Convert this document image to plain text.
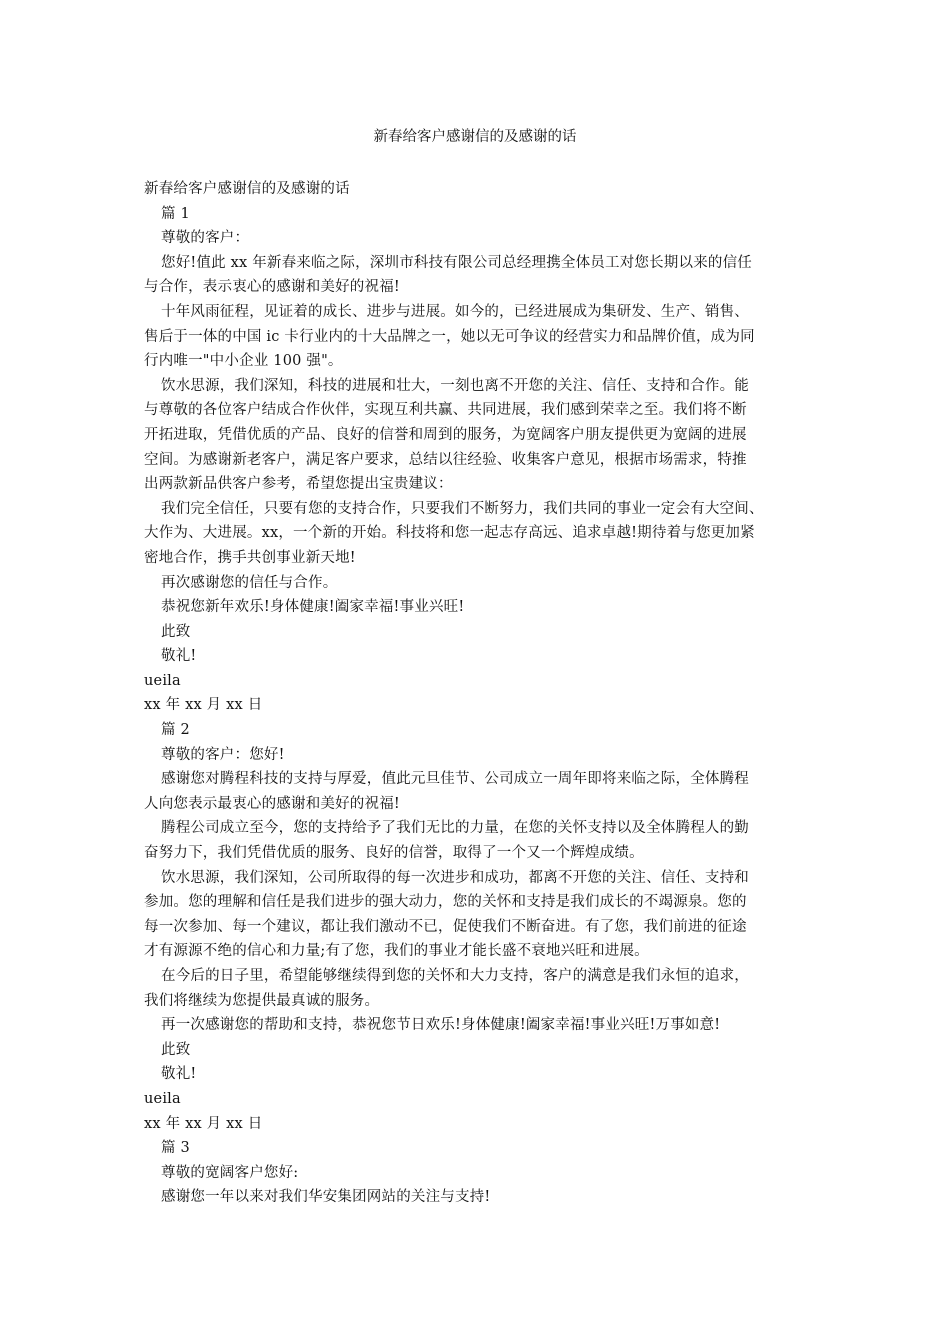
新春给客户感谢信的及感谢的话
新春给客户感谢信的及感谢的话
篇 1
尊敬的客户：
您好!值此 xx 年新春来临之际，深圳市科技有限公司总经理携全体员工对您长期以来的信任
与合作，表示衷心的感谢和美好的祝福!
十年风雨征程，见证着的成长、进步与进展。如今的，已经进展成为集研发、生产、销售、
售后于一体的中国 ic 卡行业内的十大品牌之一，她以无可争议的经营实力和品牌价值，成为同
行内唯一"中小企业 100 强"。
饮水思源，我们深知，科技的进展和壮大，一刻也离不开您的关注、信任、支持和合作。能
与尊敬的各位客户结成合作伙伴，实现互利共赢、共同进展，我们感到荣幸之至。我们将不断
开拓进取，凭借优质的产品、良好的信誉和周到的服务，为宽阔客户朋友提供更为宽阔的进展
空间。为感谢新老客户，满足客户要求，总结以往经验、收集客户意见，根据市场需求，特推
出两款新品供客户参考，希望您提出宝贵建议：
我们完全信任，只要有您的支持合作，只要我们不断努力，我们共同的事业一定会有大空间、
大作为、大进展。xx，一个新的开始。科技将和您一起志存高远、追求卓越!期待着与您更加紧
密地合作，携手共创事业新天地!
再次感谢您的信任与合作。
恭祝您新年欢乐!身体健康!阖家幸福!事业兴旺!
此致
敬礼!
ueila
xx 年 xx 月 xx 日
篇 2
尊敬的客户：您好!
感谢您对腾程科技的支持与厚爱，值此元旦佳节、公司成立一周年即将来临之际，全体腾程
人向您表示最衷心的感谢和美好的祝福!
腾程公司成立至今，您的支持给予了我们无比的力量，在您的关怀支持以及全体腾程人的勤
奋努力下，我们凭借优质的服务、良好的信誉，取得了一个又一个辉煌成绩。
饮水思源，我们深知，公司所取得的每一次进步和成功，都离不开您的关注、信任、支持和
参加。您的理解和信任是我们进步的强大动力，您的关怀和支持是我们成长的不竭源泉。您的
每一次参加、每一个建议，都让我们激动不已，促使我们不断奋进。有了您，我们前进的征途
才有源源不绝的信心和力量;有了您，我们的事业才能长盛不衰地兴旺和进展。
在今后的日子里，希望能够继续得到您的关怀和大力支持，客户的满意是我们永恒的追求，
我们将继续为您提供最真诚的服务。
再一次感谢您的帮助和支持，恭祝您节日欢乐!身体健康!阖家幸福!事业兴旺!万事如意!
此致
敬礼!
ueila
xx 年 xx 月 xx 日
篇 3
尊敬的宽阔客户您好:
感谢您一年以来对我们华安集团网站的关注与支持!
